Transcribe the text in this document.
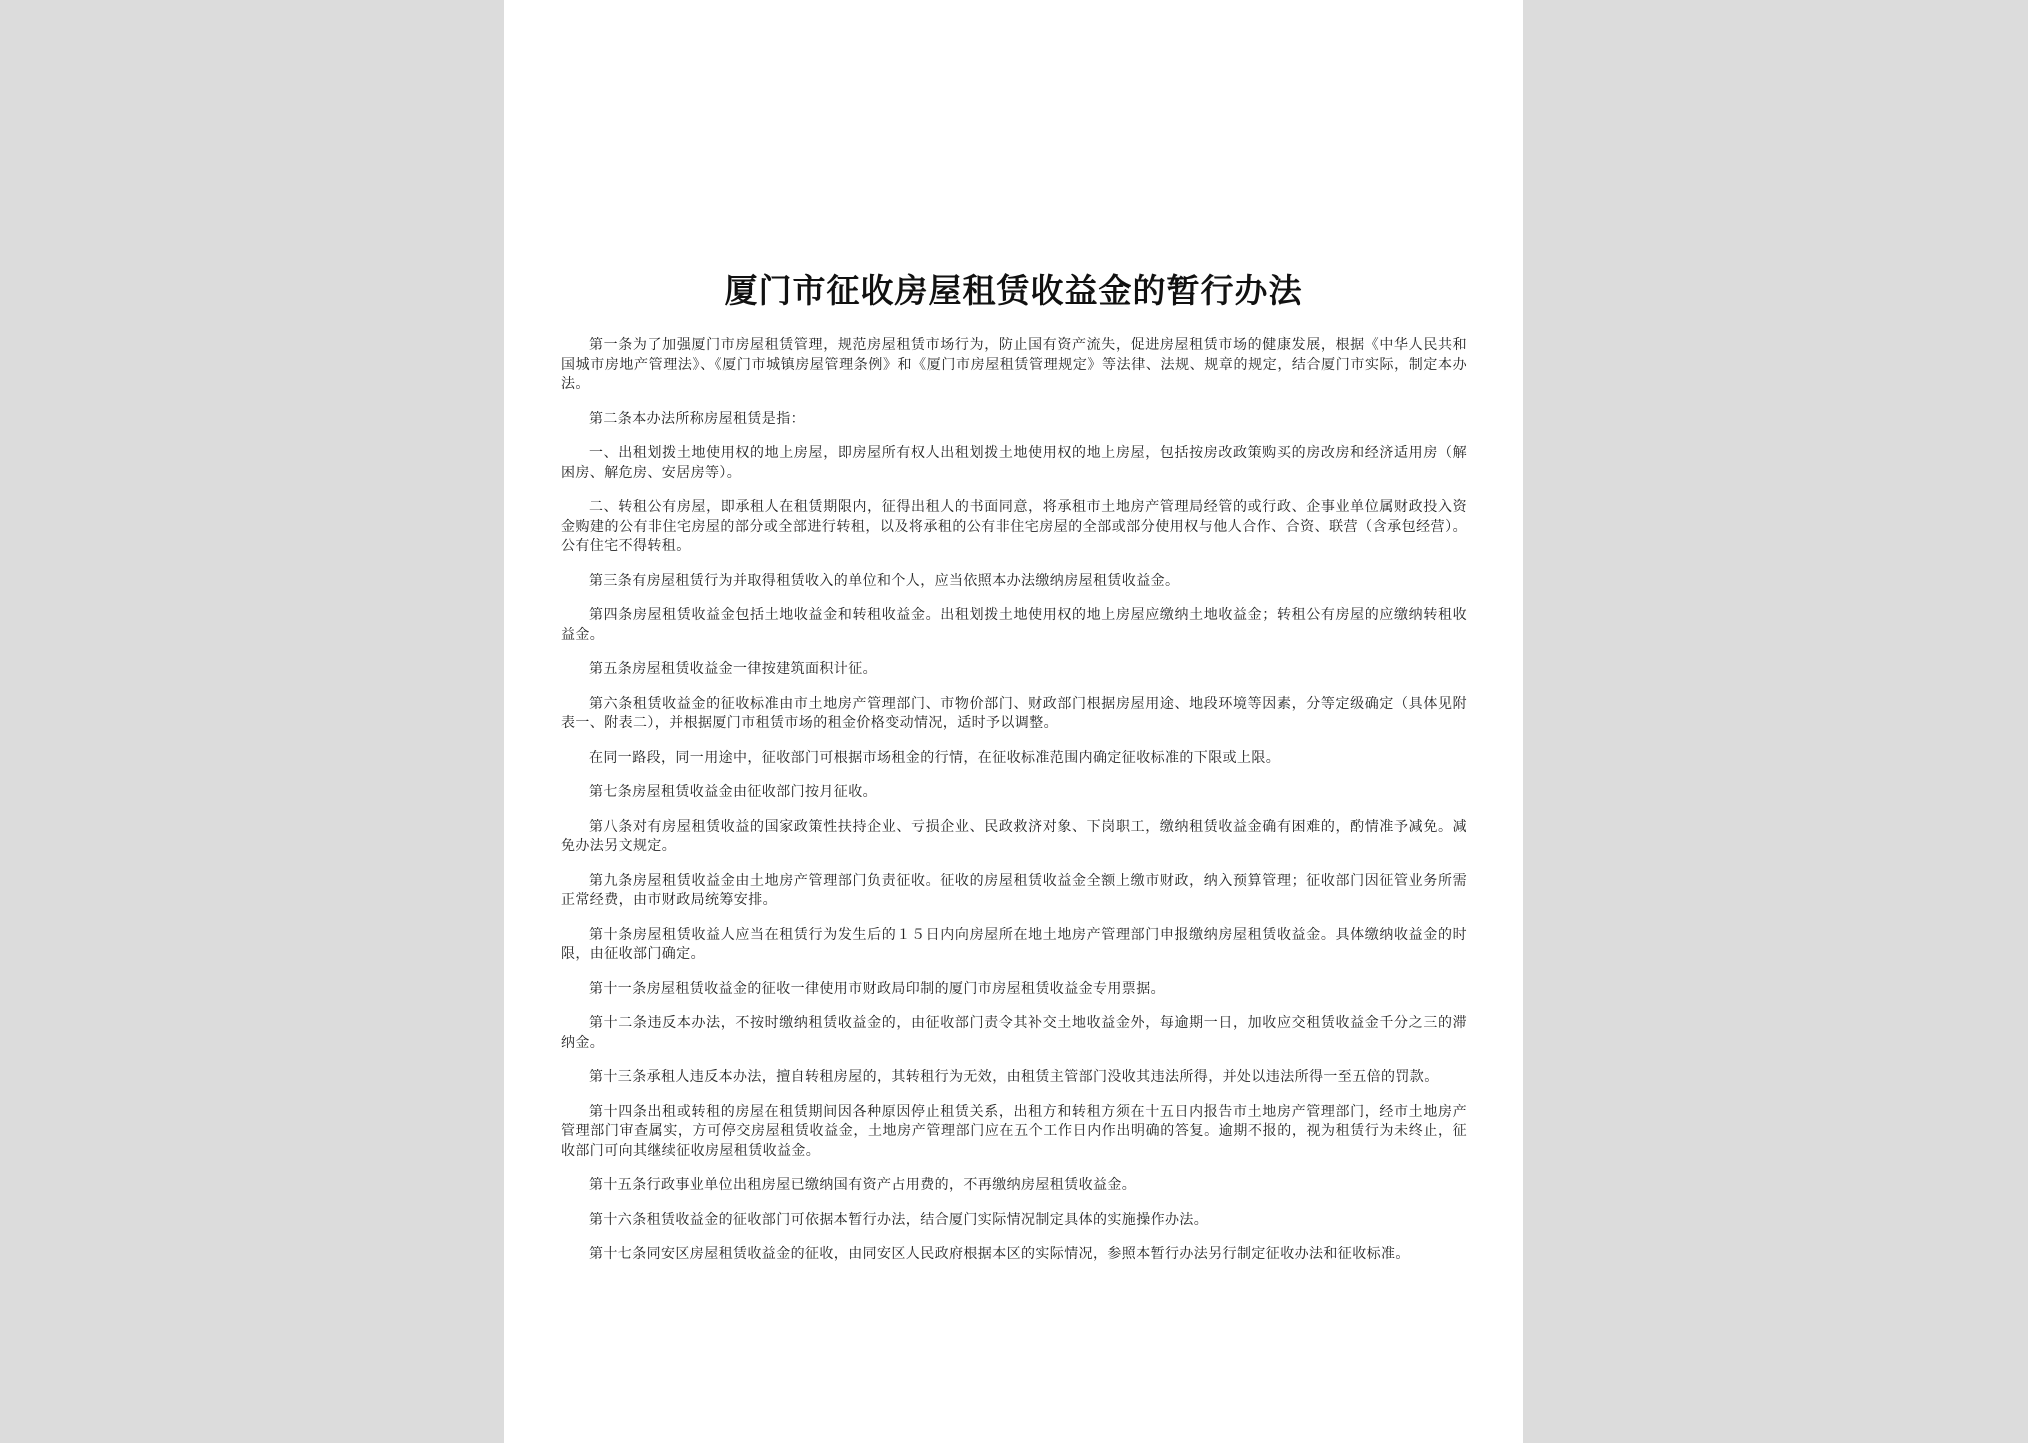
厦门市征收房屋租赁收益金的暂行办法

第一条为了加强厦门市房屋租赁管理，规范房屋租赁市场行为，防止国有资产流失，促进房屋租赁市场的健康发展，根据《中华人民共和国城市房地产管理法》、《厦门市城镇房屋管理条例》和《厦门市房屋租赁管理规定》等法律、法规、规章的规定，结合厦门市实际，制定本办法。

第二条本办法所称房屋租赁是指：

一、出租划拨土地使用权的地上房屋，即房屋所有权人出租划拨土地使用权的地上房屋，包括按房改政策购买的房改房和经济适用房（解困房、解危房、安居房等）。

二、转租公有房屋，即承租人在租赁期限内，征得出租人的书面同意，将承租市土地房产管理局经管的或行政、企事业单位属财政投入资金购建的公有非住宅房屋的部分或全部进行转租，以及将承租的公有非住宅房屋的全部或部分使用权与他人合作、合资、联营（含承包经营）。公有住宅不得转租。

第三条有房屋租赁行为并取得租赁收入的单位和个人，应当依照本办法缴纳房屋租赁收益金。

第四条房屋租赁收益金包括土地收益金和转租收益金。出租划拨土地使用权的地上房屋应缴纳土地收益金；转租公有房屋的应缴纳转租收益金。

第五条房屋租赁收益金一律按建筑面积计征。

第六条租赁收益金的征收标准由市土地房产管理部门、市物价部门、财政部门根据房屋用途、地段环境等因素，分等定级确定（具体见附表一、附表二），并根据厦门市租赁市场的租金价格变动情况，适时予以调整。

在同一路段，同一用途中，征收部门可根据市场租金的行情，在征收标准范围内确定征收标准的下限或上限。

第七条房屋租赁收益金由征收部门按月征收。

第八条对有房屋租赁收益的国家政策性扶持企业、亏损企业、民政救济对象、下岗职工，缴纳租赁收益金确有困难的，酌情准予减免。减免办法另文规定。

第九条房屋租赁收益金由土地房产管理部门负责征收。征收的房屋租赁收益金全额上缴市财政，纳入预算管理；征收部门因征管业务所需正常经费，由市财政局统筹安排。

第十条房屋租赁收益人应当在租赁行为发生后的１５日内向房屋所在地土地房产管理部门申报缴纳房屋租赁收益金。具体缴纳收益金的时限，由征收部门确定。

第十一条房屋租赁收益金的征收一律使用市财政局印制的厦门市房屋租赁收益金专用票据。

第十二条违反本办法，不按时缴纳租赁收益金的，由征收部门责令其补交土地收益金外，每逾期一日，加收应交租赁收益金千分之三的滞纳金。

第十三条承租人违反本办法，擅自转租房屋的，其转租行为无效，由租赁主管部门没收其违法所得，并处以违法所得一至五倍的罚款。

第十四条出租或转租的房屋在租赁期间因各种原因停止租赁关系，出租方和转租方须在十五日内报告市土地房产管理部门，经市土地房产管理部门审查属实，方可停交房屋租赁收益金，土地房产管理部门应在五个工作日内作出明确的答复。逾期不报的，视为租赁行为未终止，征收部门可向其继续征收房屋租赁收益金。

第十五条行政事业单位出租房屋已缴纳国有资产占用费的，不再缴纳房屋租赁收益金。

第十六条租赁收益金的征收部门可依据本暂行办法，结合厦门实际情况制定具体的实施操作办法。

第十七条同安区房屋租赁收益金的征收，由同安区人民政府根据本区的实际情况，参照本暂行办法另行制定征收办法和征收标准。
